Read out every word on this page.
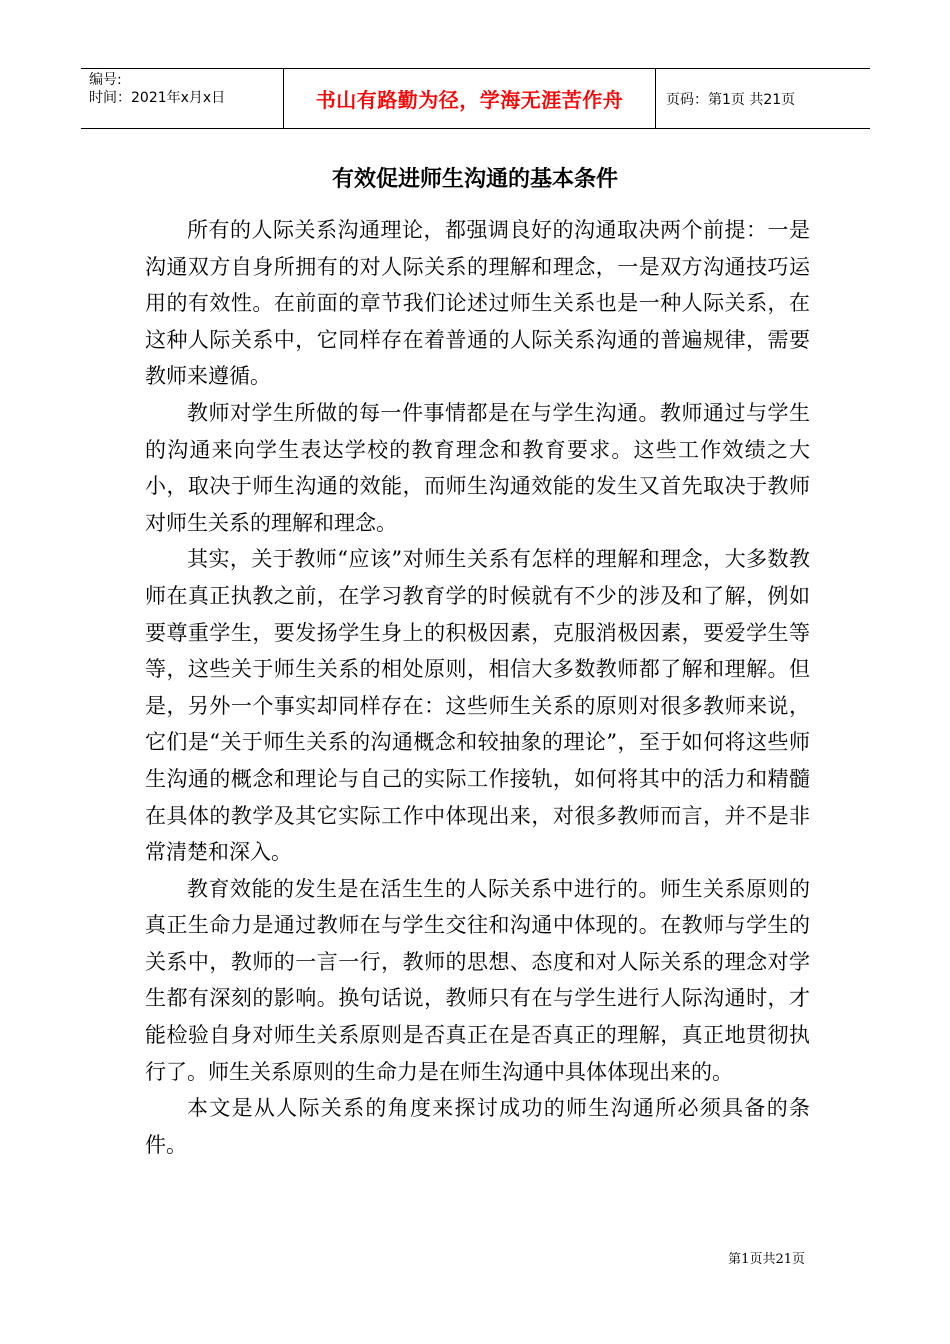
编号:
时间：2021年x月x日	书山有路勤为径，学海无涯苦作舟	页码：第1页 共21页
有效促进师生沟通的基本条件

所有的人际关系沟通理论，都强调良好的沟通取决两个前提：一是沟通双方自身所拥有的对人际关系的理解和理念，一是双方沟通技巧运用的有效性。在前面的章节我们论述过师生关系也是一种人际关系，在这种人际关系中，它同样存在着普通的人际关系沟通的普遍规律，需要教师来遵循。

教师对学生所做的每一件事情都是在与学生沟通。教师通过与学生的沟通来向学生表达学校的教育理念和教育要求。这些工作效绩之大小，取决于师生沟通的效能，而师生沟通效能的发生又首先取决于教师对师生关系的理解和理念。

其实，关于教师“应该”对师生关系有怎样的理解和理念，大多数教师在真正执教之前，在学习教育学的时候就有不少的涉及和了解，例如要尊重学生，要发扬学生身上的积极因素，克服消极因素，要爱学生等等，这些关于师生关系的相处原则，相信大多数教师都了解和理解。但是，另外一个事实却同样存在：这些师生关系的原则对很多教师来说，它们是“关于师生关系的沟通概念和较抽象的理论”，至于如何将这些师生沟通的概念和理论与自己的实际工作接轨，如何将其中的活力和精髓在具体的教学及其它实际工作中体现出来，对很多教师而言，并不是非常清楚和深入。

教育效能的发生是在活生生的人际关系中进行的。师生关系原则的真正生命力是通过教师在与学生交往和沟通中体现的。在教师与学生的关系中，教师的一言一行，教师的思想、态度和对人际关系的理念对学生都有深刻的影响。换句话说，教师只有在与学生进行人际沟通时，才能检验自身对师生关系原则是否真正在是否真正的理解，真正地贯彻执行了。师生关系原则的生命力是在师生沟通中具体体现出来的。

本文是从人际关系的角度来探讨成功的师生沟通所必须具备的条件。

第1页共21页
